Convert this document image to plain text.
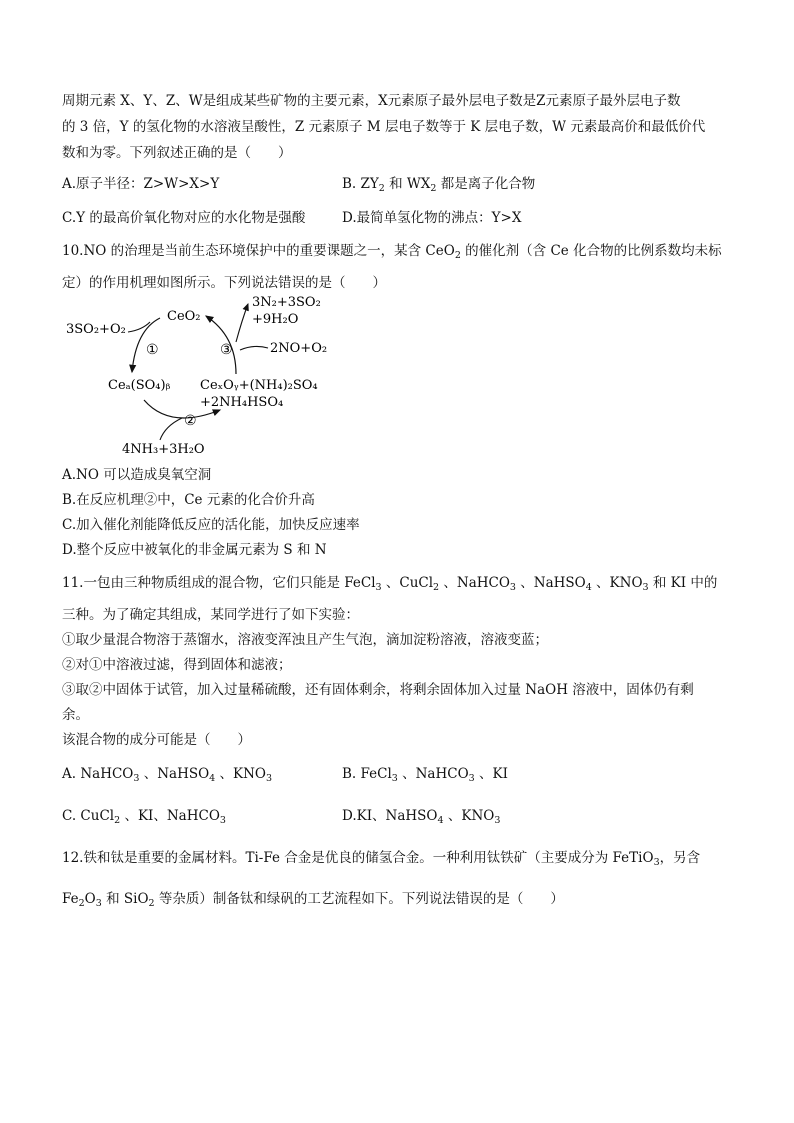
周期元素 X、Y、Z、W是组成某些矿物的主要元素，X元素原子最外层电子数是Z元素原子最外层电子数
的 3 倍，Y 的氢化物的水溶液呈酸性，Z 元素原子 M 层电子数等于 K 层电子数，W 元素最高价和最低价代
数和为零。下列叙述正确的是（　　）
A.原子半径：Z>W>X>Y	B. $ZY_2$ 和 $WX_2$ 都是离子化合物
C.Y 的最高价氧化物对应的水化物是强酸	D.最简单氢化物的沸点：Y>X
10.NO 的治理是当前生态环境保护中的重要课题之一，某含 CeO$_2$ 的催化剂（含 Ce 化合物的比例系数均未标
定）的作用机理如图所示。下列说法错误的是（　　）
CeO₂
3SO₂+O₂
①
②
③
Ceₐ(SO₄)ᵦ CeₓOᵧ+(NH₄)₂SO₄
+2NH₄HSO₄
4NH₃+3H₂O
3N₂+3SO₂
+9H₂O
2NO+O₂
A.NO 可以造成臭氧空洞
B.在反应机理②中，Ce 元素的化合价升高
C.加入催化剂能降低反应的活化能，加快反应速率
D.整个反应中被氧化的非金属元素为 S 和 N
11.一包由三种物质组成的混合物，它们只能是 FeCl$_3$ 、CuCl$_2$ 、NaHCO$_3$ 、NaHSO$_4$ 、$KNO_3$ 和 KI 中的
三种。为了确定其组成，某同学进行了如下实验：
①取少量混合物溶于蒸馏水，溶液变浑浊且产生气泡，滴加淀粉溶液，溶液变蓝；
②对①中溶液过滤，得到固体和滤液；
③取②中固体于试管，加入过量稀硫酸，还有固体剩余，将剩余固体加入过量 NaOH 溶液中，固体仍有剩
余。
该混合物的成分可能是（　　）
A. NaHCO$_3$ 、NaHSO$_4$ 、$KNO_3$	B. FeCl$_3$ 、NaHCO$_3$ 、KI
C. CuCl$_2$ 、KI、NaHCO$_3$	D.KI、NaHSO$_4$ 、$KNO_3$
12.铁和钛是重要的金属材料。Ti-Fe 合金是优良的储氢合金。一种利用钛铁矿（主要成分为 FeTiO$_3$，另含
$Fe_2O_3$ 和 SiO$_2$ 等杂质）制备钛和绿矾的工艺流程如下。下列说法错误的是（　　）
